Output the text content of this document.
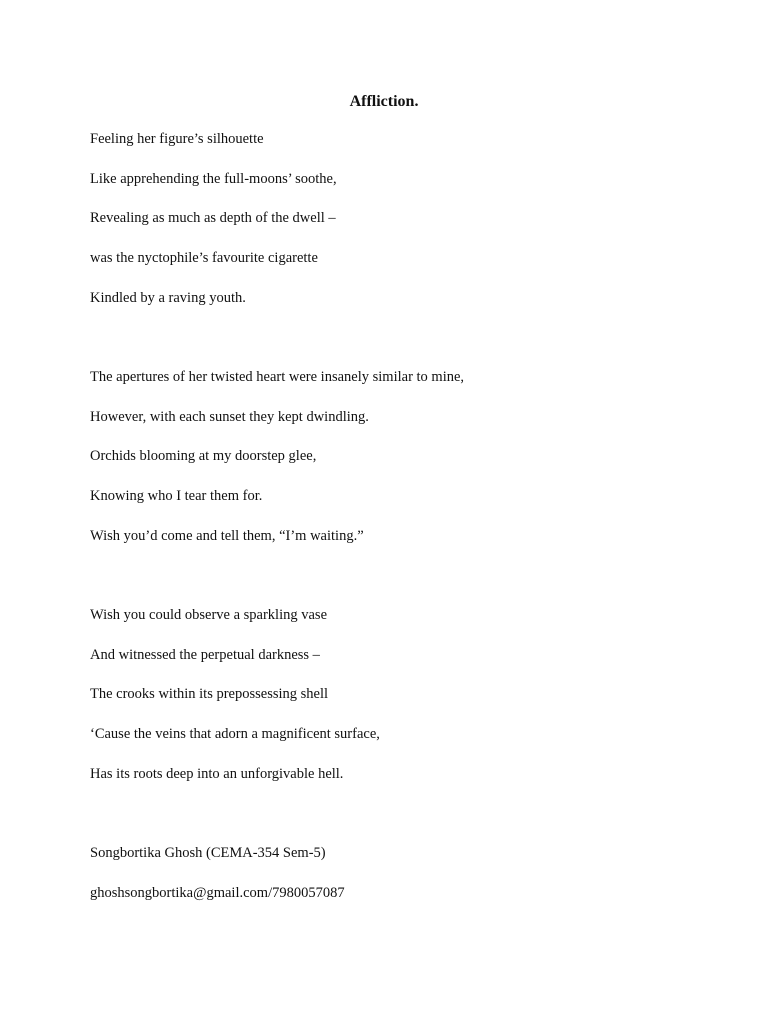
Affliction.
Feeling her figure’s silhouette
Like apprehending the full-moons’ soothe,
Revealing as much as depth of the dwell –
was the nyctophile’s favourite cigarette
Kindled by a raving youth.
The apertures of her twisted heart were insanely similar to mine,
However, with each sunset they kept dwindling.
Orchids blooming at my doorstep glee,
Knowing who I tear them for.
Wish you’d come and tell them, “I’m waiting.”
Wish you could observe a sparkling vase
And witnessed the perpetual darkness –
The crooks within its prepossessing shell
‘Cause the veins that adorn a magnificent surface,
Has its roots deep into an unforgivable hell.
Songbortika Ghosh (CEMA-354 Sem-5)
ghoshsongbortika@gmail.com/7980057087
